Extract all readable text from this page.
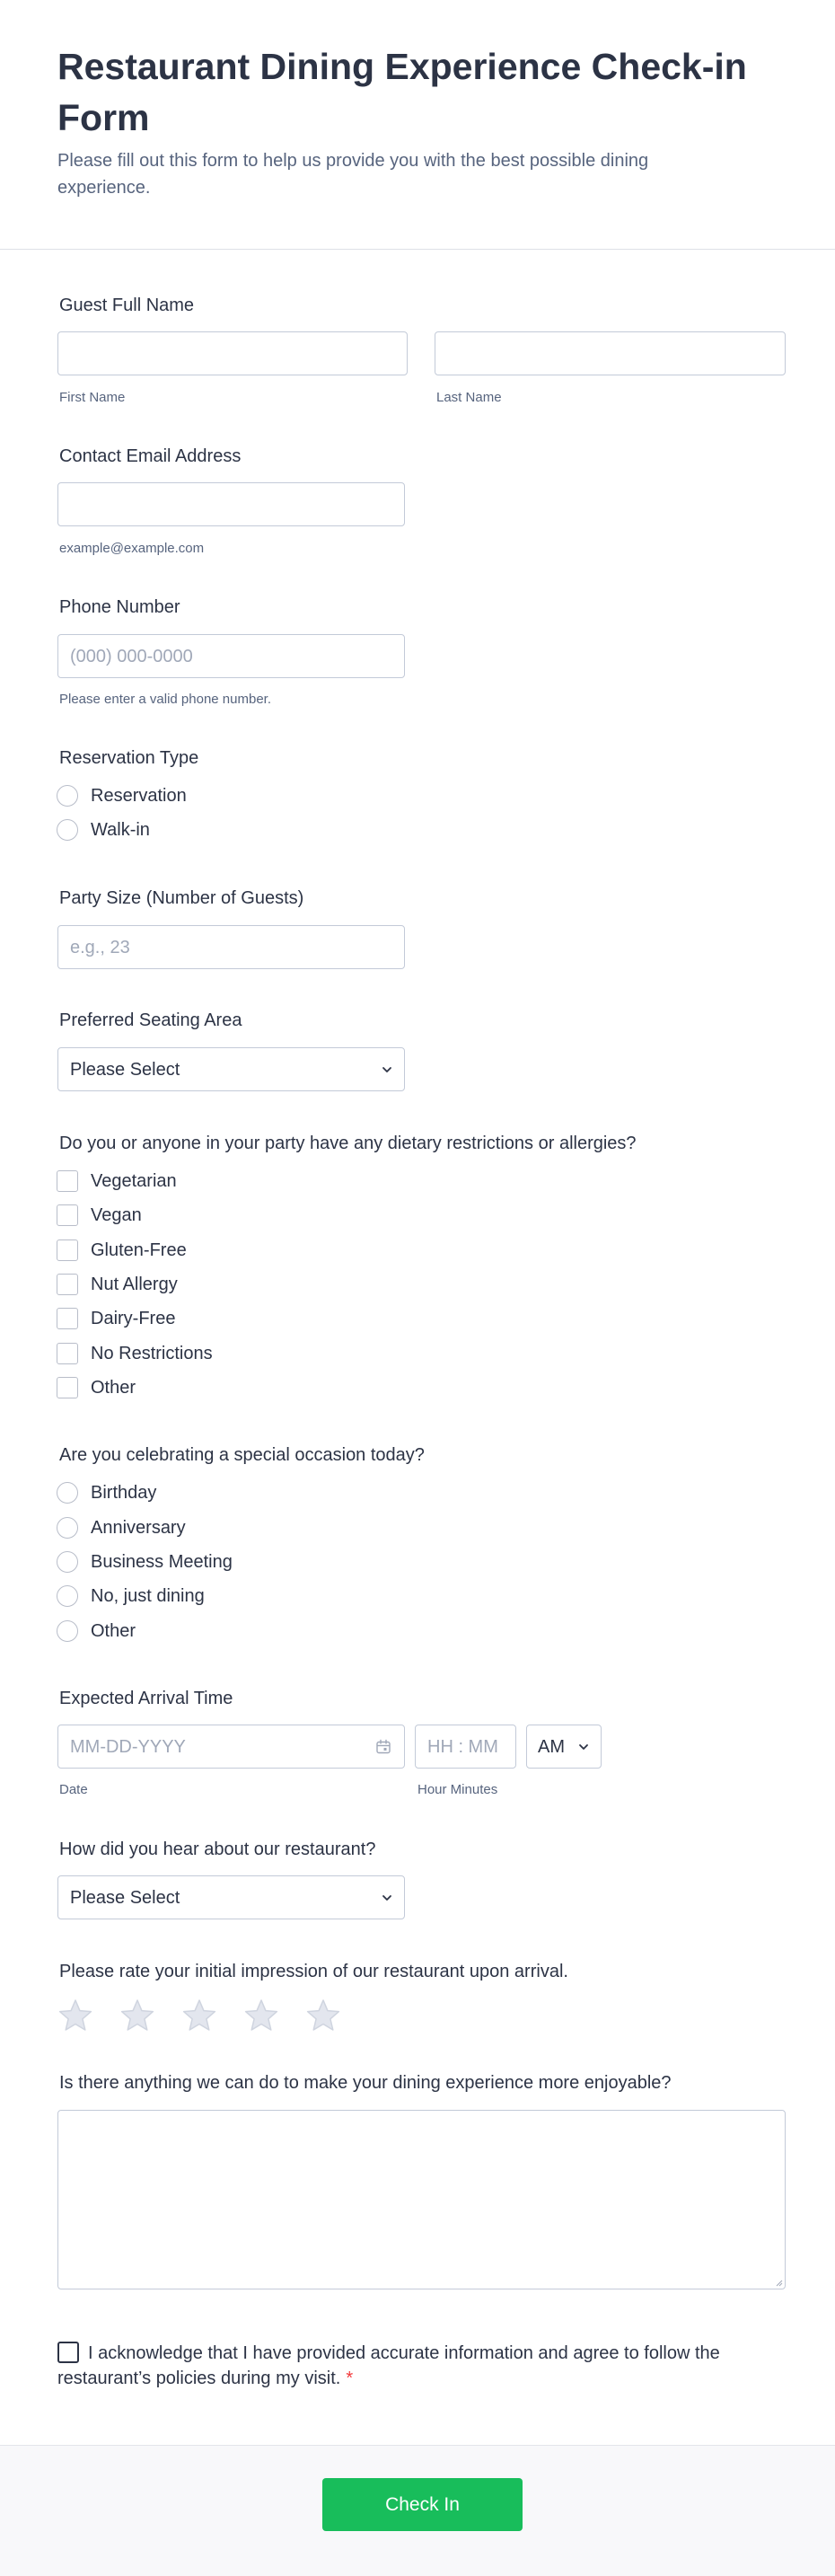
Restaurant Dining Experience Check-in Form
Please fill out this form to help us provide you with the best possible dining experience.
Guest Full Name
First Name	Last Name
Contact Email Address
example@example.com
Phone Number
(000) 000-0000
Please enter a valid phone number.
Reservation Type
Reservation
Walk-in
Party Size (Number of Guests)
e.g., 23
Preferred Seating Area
Please Select
Do you or anyone in your party have any dietary restrictions or allergies?
Vegetarian
Vegan
Gluten-Free
Nut Allergy
Dairy-Free
No Restrictions
Other
Are you celebrating a special occasion today?
Birthday
Anniversary
Business Meeting
No, just dining
Other
Expected Arrival Time
MM-DD-YYYY
Date
HH : MM
Hour Minutes
AM
How did you hear about our restaurant?
Please Select
Please rate your initial impression of our restaurant upon arrival.
Is there anything we can do to make your dining experience more enjoyable?
I acknowledge that I have provided accurate information and agree to follow the restaurant’s policies during my visit. *
Check In
